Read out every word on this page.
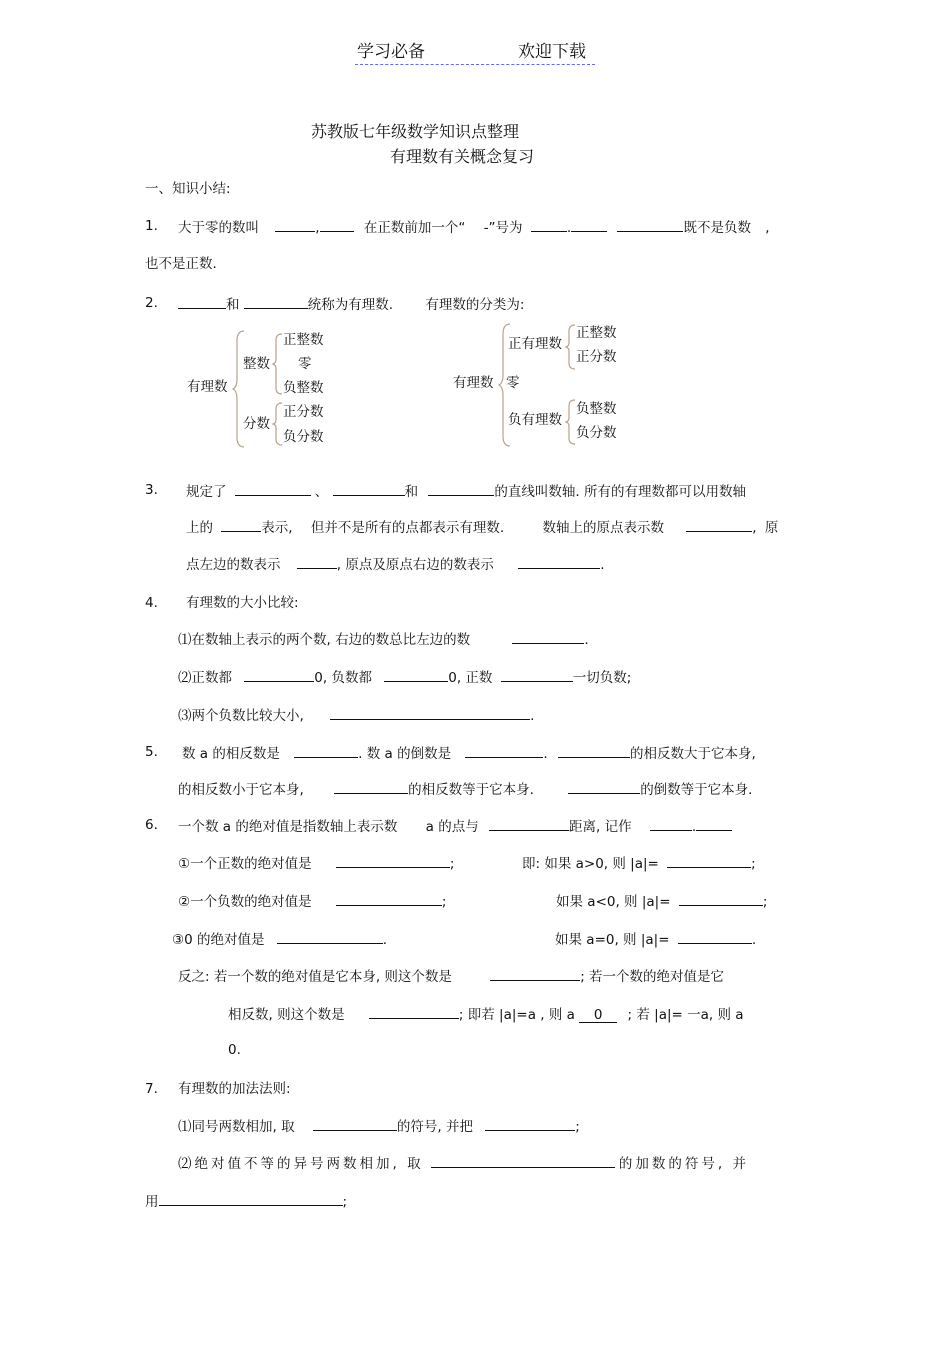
学习必备	欢迎下载
苏教版七年级数学知识点整理
有理数有关概念复习
一、知识小结:
1. 大于零的数叫	,	在正数前加一个“ -”号为	.	既不是负数 ,
也不是正数.
2.	和	统称为有理数. 有理数的分类为:
有理数
整数
正整数
零
负整数
分数
正分数
负分数
有理数
正有理数
正整数
正分数
零
负有理数
负整数
负分数
3. 规定了	、	和	的直线叫数轴. 所有的有理数都可以用数轴
上的	表示, 但并不是所有的点都表示有理数.	数轴上的原点表示数	, 原
点左边的数表示	, 原点及原点右边的数表示	.
4. 有理数的大小比较:
⑴在数轴上表示的两个数, 右边的数总比左边的数	.
⑵正数都	0, 负数都	0, 正数	一切负数;
⑶两个负数比较大小,	.
5. 数 a 的相反数是	. 数 a 的倒数是	.	的相反数大于它本身,
的相反数小于它本身,	的相反数等于它本身.	的倒数等于它本身.
6. 一个数 a 的绝对值是指数轴上表示数 a 的点与	距离, 记作	.
①一个正数的绝对值是	;	即: 如果 a>0, 则 |a|=	;
②一个负数的绝对值是	;	如果 a<0, 则 |a|=	;
③0 的绝对值是	.	如果 a=0, 则 |a|=	.
反之: 若一个数的绝对值是它本身, 则这个数是	; 若一个数的绝对值是它
相反数, 则这个数是	; 即若 |a|=a , 则 a 0 ; 若 |a|= 一a, 则 a
0.
7. 有理数的加法法则:
⑴同号两数相加, 取	的符号, 并把	;
⑵绝对值不等的异号两数相加, 取	的加数的符号, 并
用	;
